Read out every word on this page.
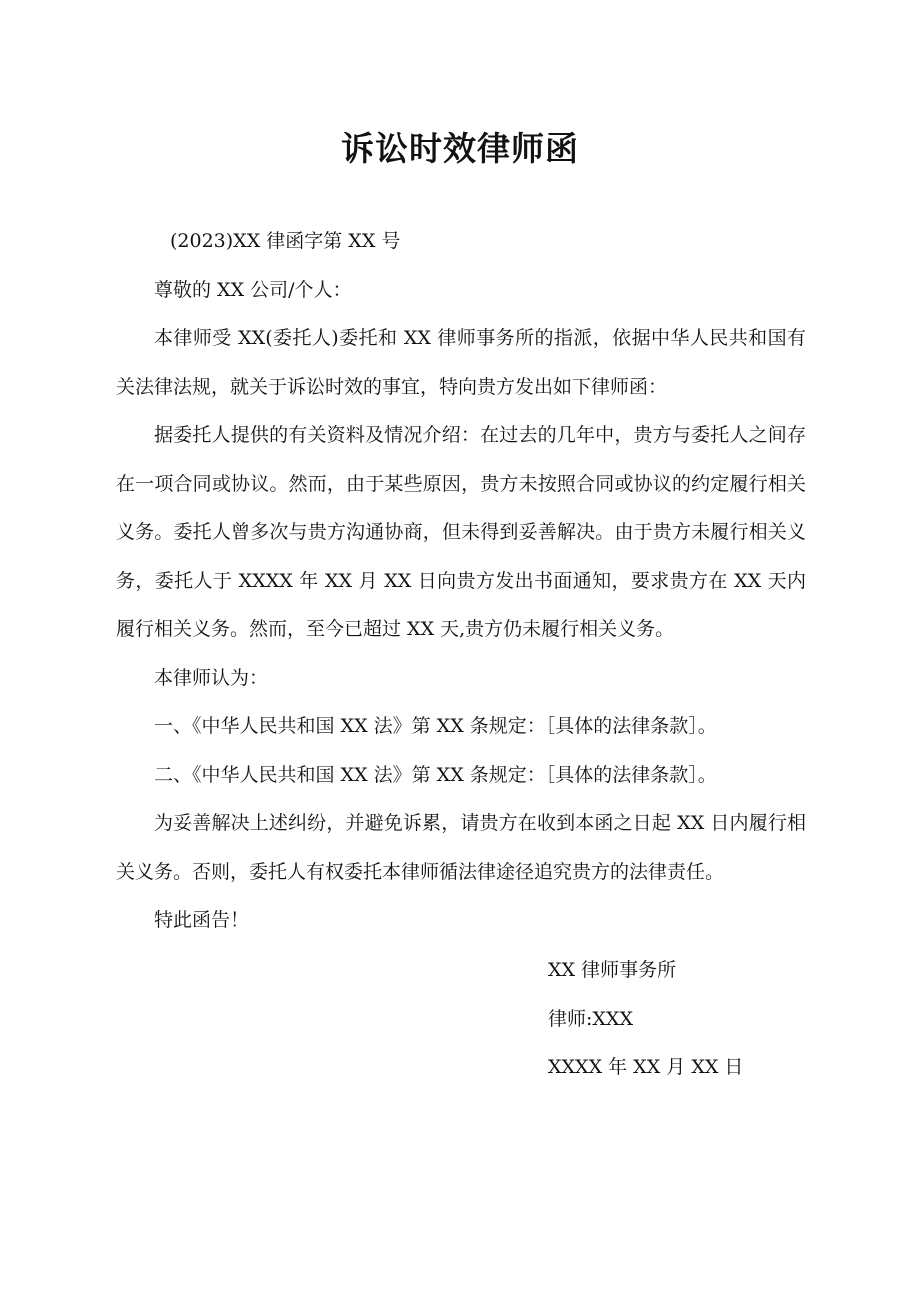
诉讼时效律师函

(2023)XX 律函字第 XX 号

尊敬的 XX 公司/个人：

本律师受 XX(委托人)委托和 XX 律师事务所的指派，依据中华人民共和国有关法律法规，就关于诉讼时效的事宜，特向贵方发出如下律师函：

据委托人提供的有关资料及情况介绍：在过去的几年中，贵方与委托人之间存在一项合同或协议。然而，由于某些原因，贵方未按照合同或协议的约定履行相关义务。委托人曾多次与贵方沟通协商，但未得到妥善解决。由于贵方未履行相关义务，委托人于 XXXX 年 XX 月 XX 日向贵方发出书面通知，要求贵方在 XX 天内履行相关义务。然而，至今已超过 XX 天,贵方仍未履行相关义务。

本律师认为：

一、《中华人民共和国 XX 法》第 XX 条规定：［具体的法律条款］。

二、《中华人民共和国 XX 法》第 XX 条规定：［具体的法律条款］。

为妥善解决上述纠纷，并避免诉累，请贵方在收到本函之日起 XX 日内履行相关义务。否则，委托人有权委托本律师循法律途径追究贵方的法律责任。

特此函告！

XX 律师事务所
律师:XXX
XXXX 年 XX 月 XX 日
